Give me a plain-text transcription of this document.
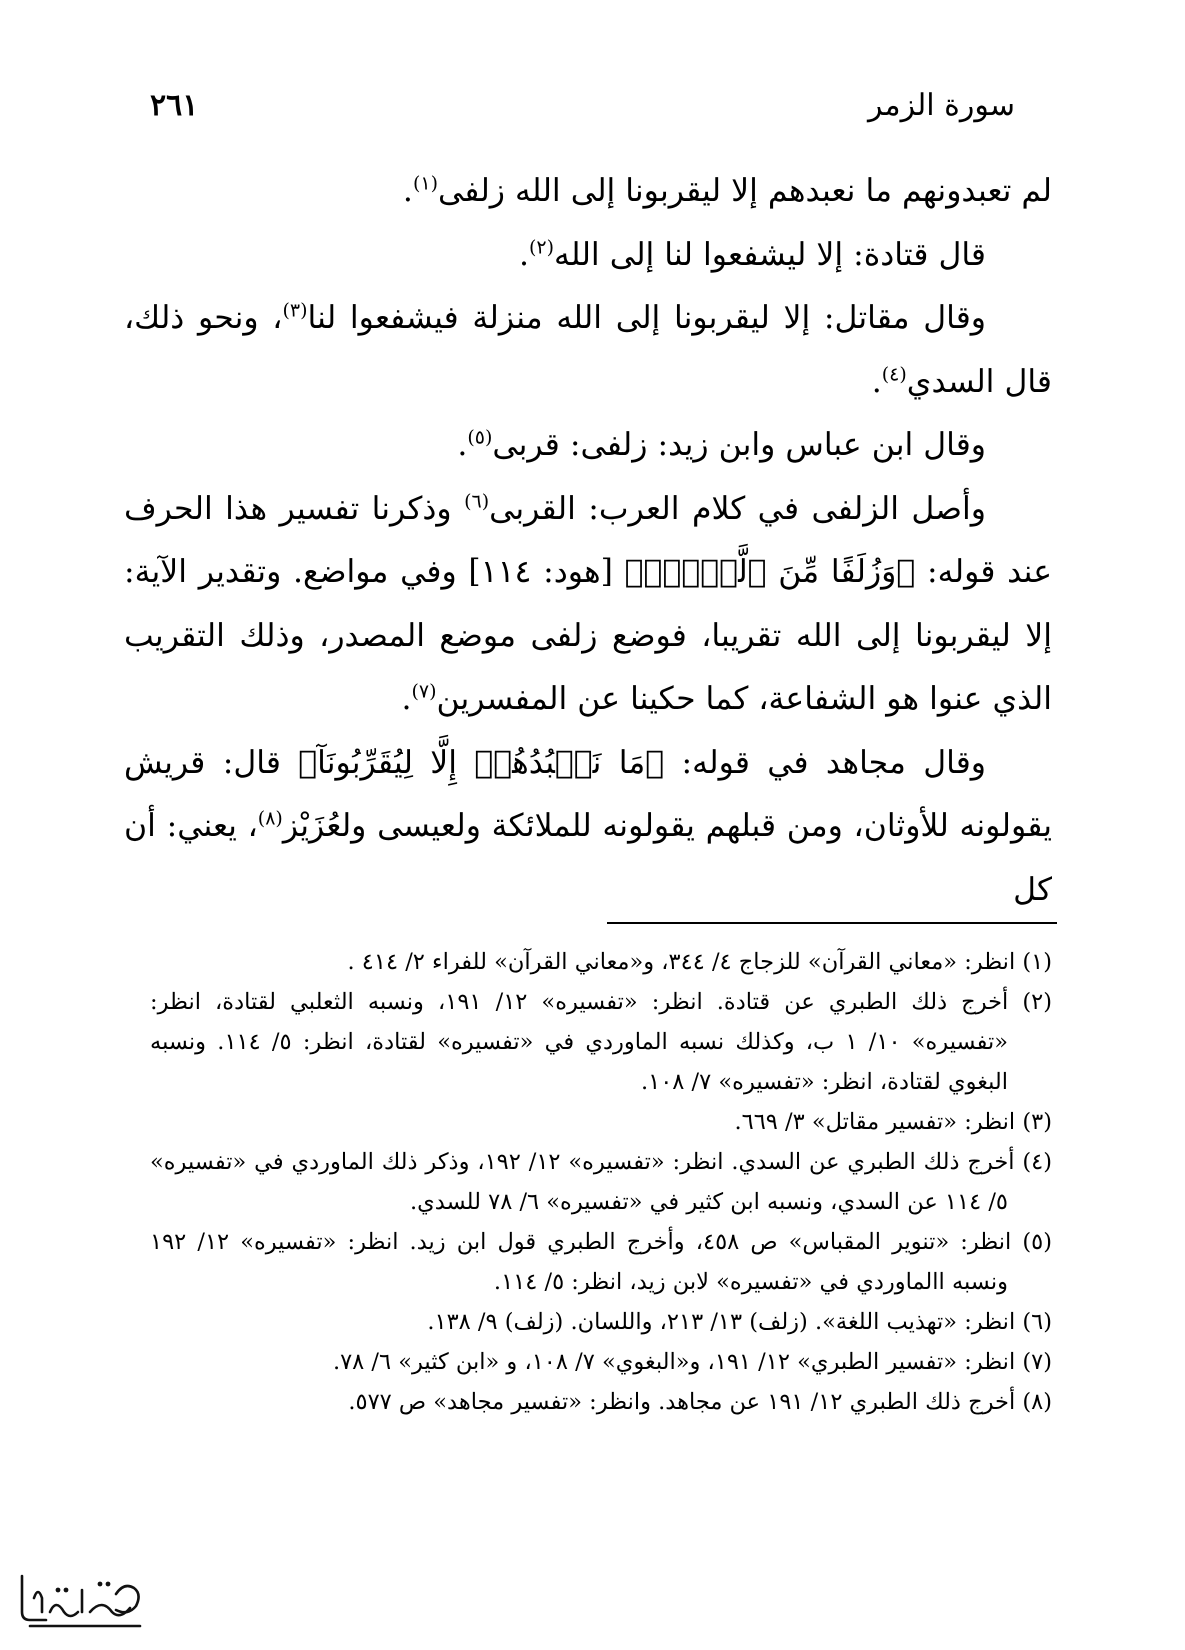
سورة الزمر
٢٦١

لم تعبدونهم ما نعبدهم إلا ليقربونا إلى الله زلفى$^{(١)}$.

قال قتادة: إلا ليشفعوا لنا إلى الله$^{(٢)}$.

وقال مقاتل: إلا ليقربونا إلى الله منزلة فيشفعوا لنا$^{(٣)}$، ونحو ذلك، قال السدي$^{(٤)}$.

وقال ابن عباس وابن زيد: زلفى: قربى$^{(٥)}$.

وأصل الزلفى في كلام العرب: القربى$^{(٦)}$ وذكرنا تفسير هذا الحرف عند قوله: ﴿وَزُلَفًا مِّنَ ٱلَّيۡلِۚ﴾ [هود: ١١٤] وفي مواضع. وتقدير الآية: إلا ليقربونا إلى الله تقريبا، فوضع زلفى موضع المصدر، وذلك التقريب الذي عنوا هو الشفاعة، كما حكينا عن المفسرين$^{(٧)}$.

وقال مجاهد في قوله: ﴿مَا نَعۡبُدُهُمۡ إِلَّا لِيُقَرِّبُونَآ﴾ قال: قريش يقولونه للأوثان، ومن قبلهم يقولونه للملائكة ولعيسى ولعُزَيْز$^{(٨)}$، يعني: أن كل

(١) انظر: «معاني القرآن» للزجاج ٤/ ٣٤٤، و«معاني القرآن» للفراء ٢/ ٤١٤ .

(٢) أخرج ذلك الطبري عن قتادة. انظر: «تفسيره» ١٢/ ١٩١، ونسبه الثعلبي لقتادة، انظر: «تفسيره» ١٠/ ١ ب، وكذلك نسبه الماوردي في «تفسيره» لقتادة، انظر: ٥/ ١١٤. ونسبه البغوي لقتادة، انظر: «تفسيره» ٧/ ١٠٨.

(٣) انظر: «تفسير مقاتل» ٣/ ٦٦٩.

(٤) أخرج ذلك الطبري عن السدي. انظر: «تفسيره» ١٢/ ١٩٢، وذكر ذلك الماوردي في «تفسيره» ٥/ ١١٤ عن السدي، ونسبه ابن كثير في «تفسيره» ٦/ ٧٨ للسدي.

(٥) انظر: «تنوير المقباس» ص ٤٥٨، وأخرج الطبري قول ابن زيد. انظر: «تفسيره» ١٢/ ١٩٢ ونسبه االماوردي في «تفسيره» لابن زيد، انظر: ٥/ ١١٤.

(٦) انظر: «تهذيب اللغة». (زلف) ١٣/ ٢١٣، واللسان. (زلف) ٩/ ١٣٨.

(٧) انظر: «تفسير الطبري» ١٢/ ١٩١، و«البغوي» ٧/ ١٠٨، و «ابن كثير» ٦/ ٧٨.

(٨) أخرج ذلك الطبري ١٢/ ١٩١ عن مجاهد. وانظر: «تفسير مجاهد» ص ٥٧٧.
